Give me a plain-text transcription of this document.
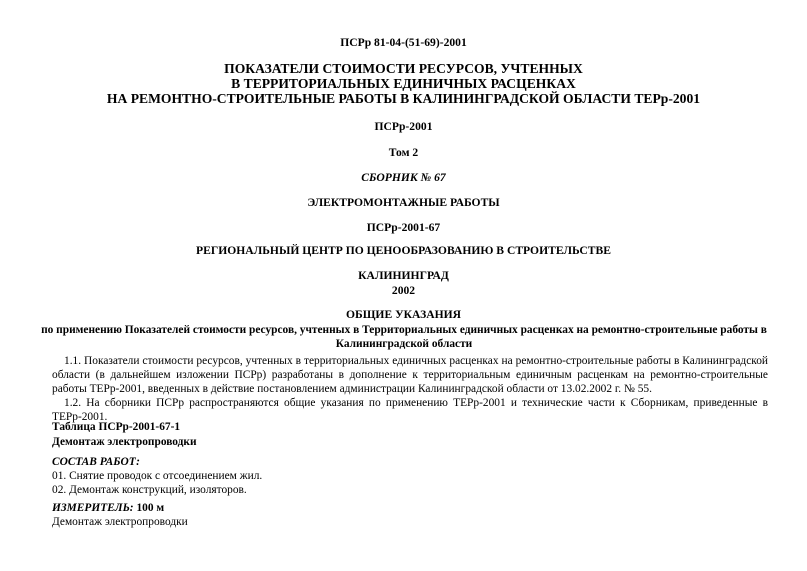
ПСРр 81-04-(51-69)-2001
ПОКАЗАТЕЛИ СТОИМОСТИ РЕСУРСОВ, УЧТЕННЫХ
В ТЕРРИТОРИАЛЬНЫХ ЕДИНИЧНЫХ РАСЦЕНКАХ
НА РЕМОНТНО-СТРОИТЕЛЬНЫЕ РАБОТЫ В КАЛИНИНГРАДСКОЙ ОБЛАСТИ ТЕРр-2001
ПСРр-2001
Том 2
СБОРНИК № 67
ЭЛЕКТРОМОНТАЖНЫЕ РАБОТЫ
ПСРр-2001-67
РЕГИОНАЛЬНЫЙ ЦЕНТР ПО ЦЕНООБРАЗОВАНИЮ В СТРОИТЕЛЬСТВЕ
КАЛИНИНГРАД
2002
ОБЩИЕ УКАЗАНИЯ
по применению Показателей стоимости ресурсов, учтенных в Территориальных единичных расценках на ремонтно-строительные работы в Калининградской области
1.1. Показатели стоимости ресурсов, учтенных в территориальных единичных расценках на ремонтно-строительные работы в Калининградской области (в дальнейшем изложении ПСРр) разработаны в дополнение к территориальным единичным расценкам на ремонтно-строительные работы ТЕРр-2001, введенных в действие постановлением администрации Калининградской области от 13.02.2002 г. № 55.
1.2. На сборники ПСРр распространяются общие указания по применению ТЕРр-2001 и технические части к Сборникам, приведенные в ТЕРр-2001.
Таблица ПСРр-2001-67-1
Демонтаж электропроводки
СОСТАВ РАБОТ:
01. Снятие проводок с отсоединением жил.
02. Демонтаж конструкций, изоляторов.
ИЗМЕРИТЕЛЬ: 100 м
Демонтаж электропроводки
